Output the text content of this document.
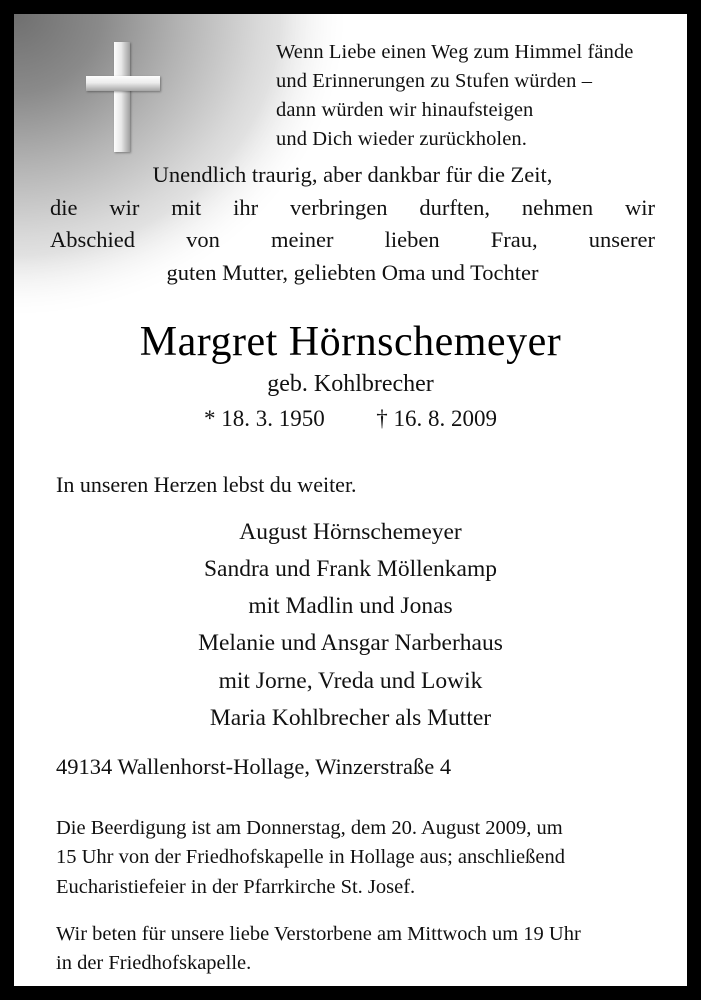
Wenn Liebe einen Weg zum Himmel fände
und Erinnerungen zu Stufen würden –
dann würden wir hinaufsteigen
und Dich wieder zurückholen.
Unendlich traurig, aber dankbar für die Zeit,
die wir mit ihr verbringen durften, nehmen wir
Abschied von meiner lieben Frau, unserer
guten Mutter, geliebten Oma und Tochter
Margret Hörnschemeyer
geb. Kohlbrecher
* 18. 3. 1950 † 16. 8. 2009
In unseren Herzen lebst du weiter.
August Hörnschemeyer
Sandra und Frank Möllenkamp
mit Madlin und Jonas
Melanie und Ansgar Narberhaus
mit Jorne, Vreda und Lowik
Maria Kohlbrecher als Mutter
49134 Wallenhorst-Hollage, Winzerstraße 4

Die Beerdigung ist am Donnerstag, dem 20. August 2009, um

15 Uhr von der Friedhofskapelle in Hollage aus; anschließend

Eucharistiefeier in der Pfarrkirche St. Josef.

Wir beten für unsere liebe Verstorbene am Mittwoch um 19 Uhr

in der Friedhofskapelle.
